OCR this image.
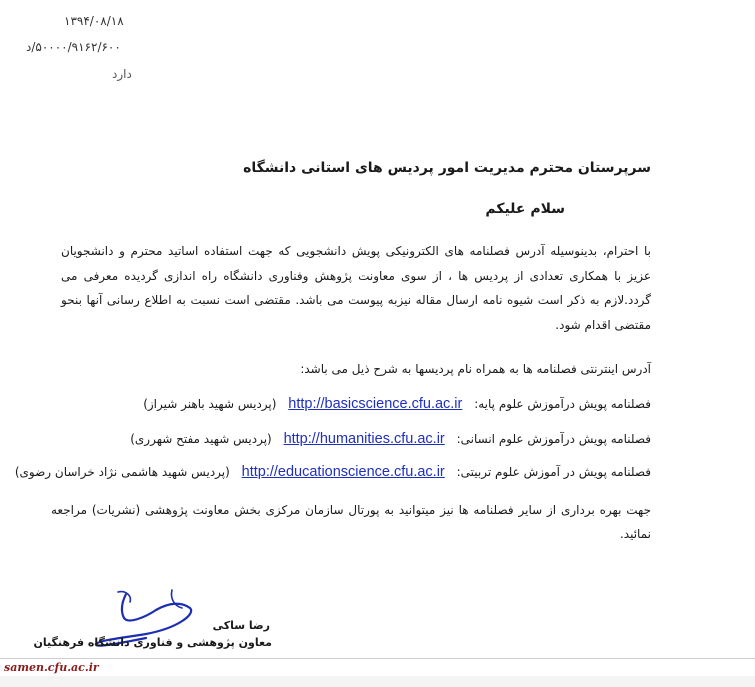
۱۳۹۴/۰۸/۱۸
۵۰۰۰۰/۹۱۶۲/۶۰۰/د
دارد
سرپرستان محترم مدیریت امور پردیس های استانی دانشگاه
سلام علیکم
با احترام، بدینوسیله آدرس فصلنامه های الکترونیکی پویش دانشجویی که جهت استفاده اساتید محترم و دانشجویان عزیز با همکاری تعدادی از پردیس ها ، از سوی معاونت پژوهش وفناوری دانشگاه راه اندازی گردیده معرفی می گردد.لازم به ذکر است شیوه نامه ارسال مقاله نیزبه پیوست می باشد. مقتضی است نسبت به اطلاع رسانی آنها بنحو مقتضی اقدام شود.
آدرس اینترنتی فصلنامه ها به همراه نام پردیسها به شرح ذیل می باشد:
فصلنامه پویش درآموزش علوم پایه: http://basicscience.cfu.ac.ir (پردیس شهید باهنر شیراز)
فصلنامه پویش درآموزش علوم انسانی: http://humanities.cfu.ac.ir (پردیس شهید مفتح شهرری)
فصلنامه پویش در آموزش علوم تربیتی: http://educationscience.cfu.ac.ir (پردیس شهید هاشمی نژاد خراسان رضوی)
جهت بهره برداری از سایر فصلنامه ها نیز میتوانید به پورتال سازمان مرکزی بخش معاونت پژوهشی (نشریات) مراجعه نمائید.
رضا ساکی
معاون پژوهشی و فناوری دانشگاه فرهنگیان
samen.cfu.ac.ir
